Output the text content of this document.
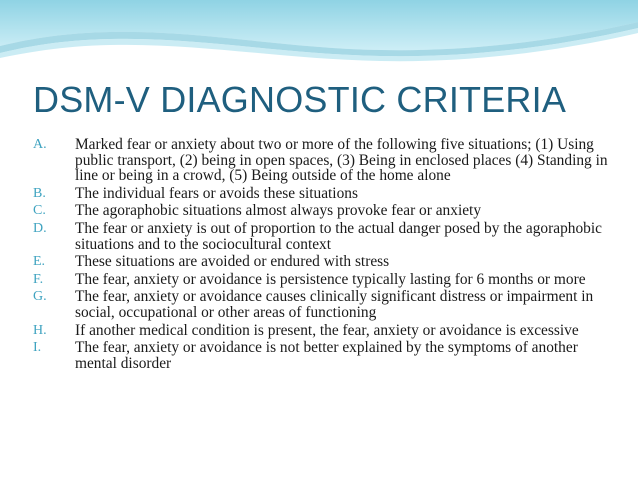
DSM-V DIAGNOSTIC CRITERIA
A. Marked fear or anxiety about two or more of the following five situations; (1) Using public transport, (2) being in open spaces, (3) Being in enclosed places (4) Standing in line or being in a crowd, (5) Being outside of the home alone
B. The individual fears or avoids these situations
C. The agoraphobic situations almost always provoke fear or anxiety
D. The fear or anxiety is out of proportion to the actual danger posed by the agoraphobic situations and to the sociocultural context
E. These situations are avoided or endured with stress
F. The fear, anxiety or avoidance is persistence typically lasting for 6 months or more
G. The fear, anxiety or avoidance causes clinically significant distress or impairment in social, occupational or other areas of functioning
H. If another medical condition is present, the fear, anxiety or avoidance is excessive
I. The fear, anxiety or avoidance is not better explained by the symptoms of another mental disorder
